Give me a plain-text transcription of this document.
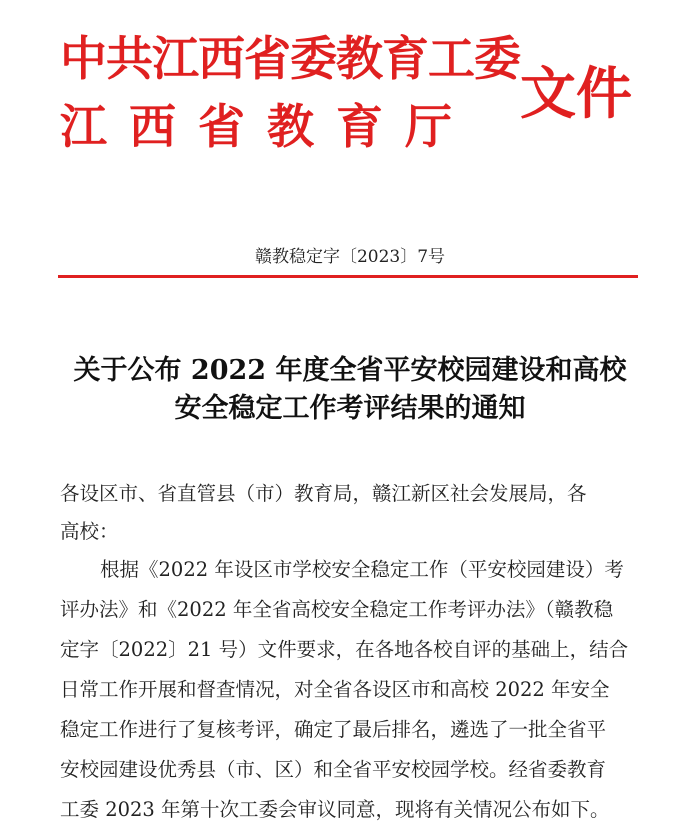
中共江西省委教育工委
江西省教育厅
文件
赣教稳定字〔2023〕7号
关于公布 2022 年度全省平安校园建设和高校
安全稳定工作考评结果的通知
各设区市、省直管县（市）教育局，赣江新区社会发展局，各
高校：
根据《2022 年设区市学校安全稳定工作（平安校园建设）考
评办法》和《2022 年全省高校安全稳定工作考评办法》（赣教稳
定字〔2022〕21 号）文件要求，在各地各校自评的基础上，结合
日常工作开展和督查情况，对全省各设区市和高校 2022 年安全
稳定工作进行了复核考评，确定了最后排名，遴选了一批全省平
安校园建设优秀县（市、区）和全省平安校园学校。经省委教育
工委 2023 年第十次工委会审议同意，现将有关情况公布如下。
